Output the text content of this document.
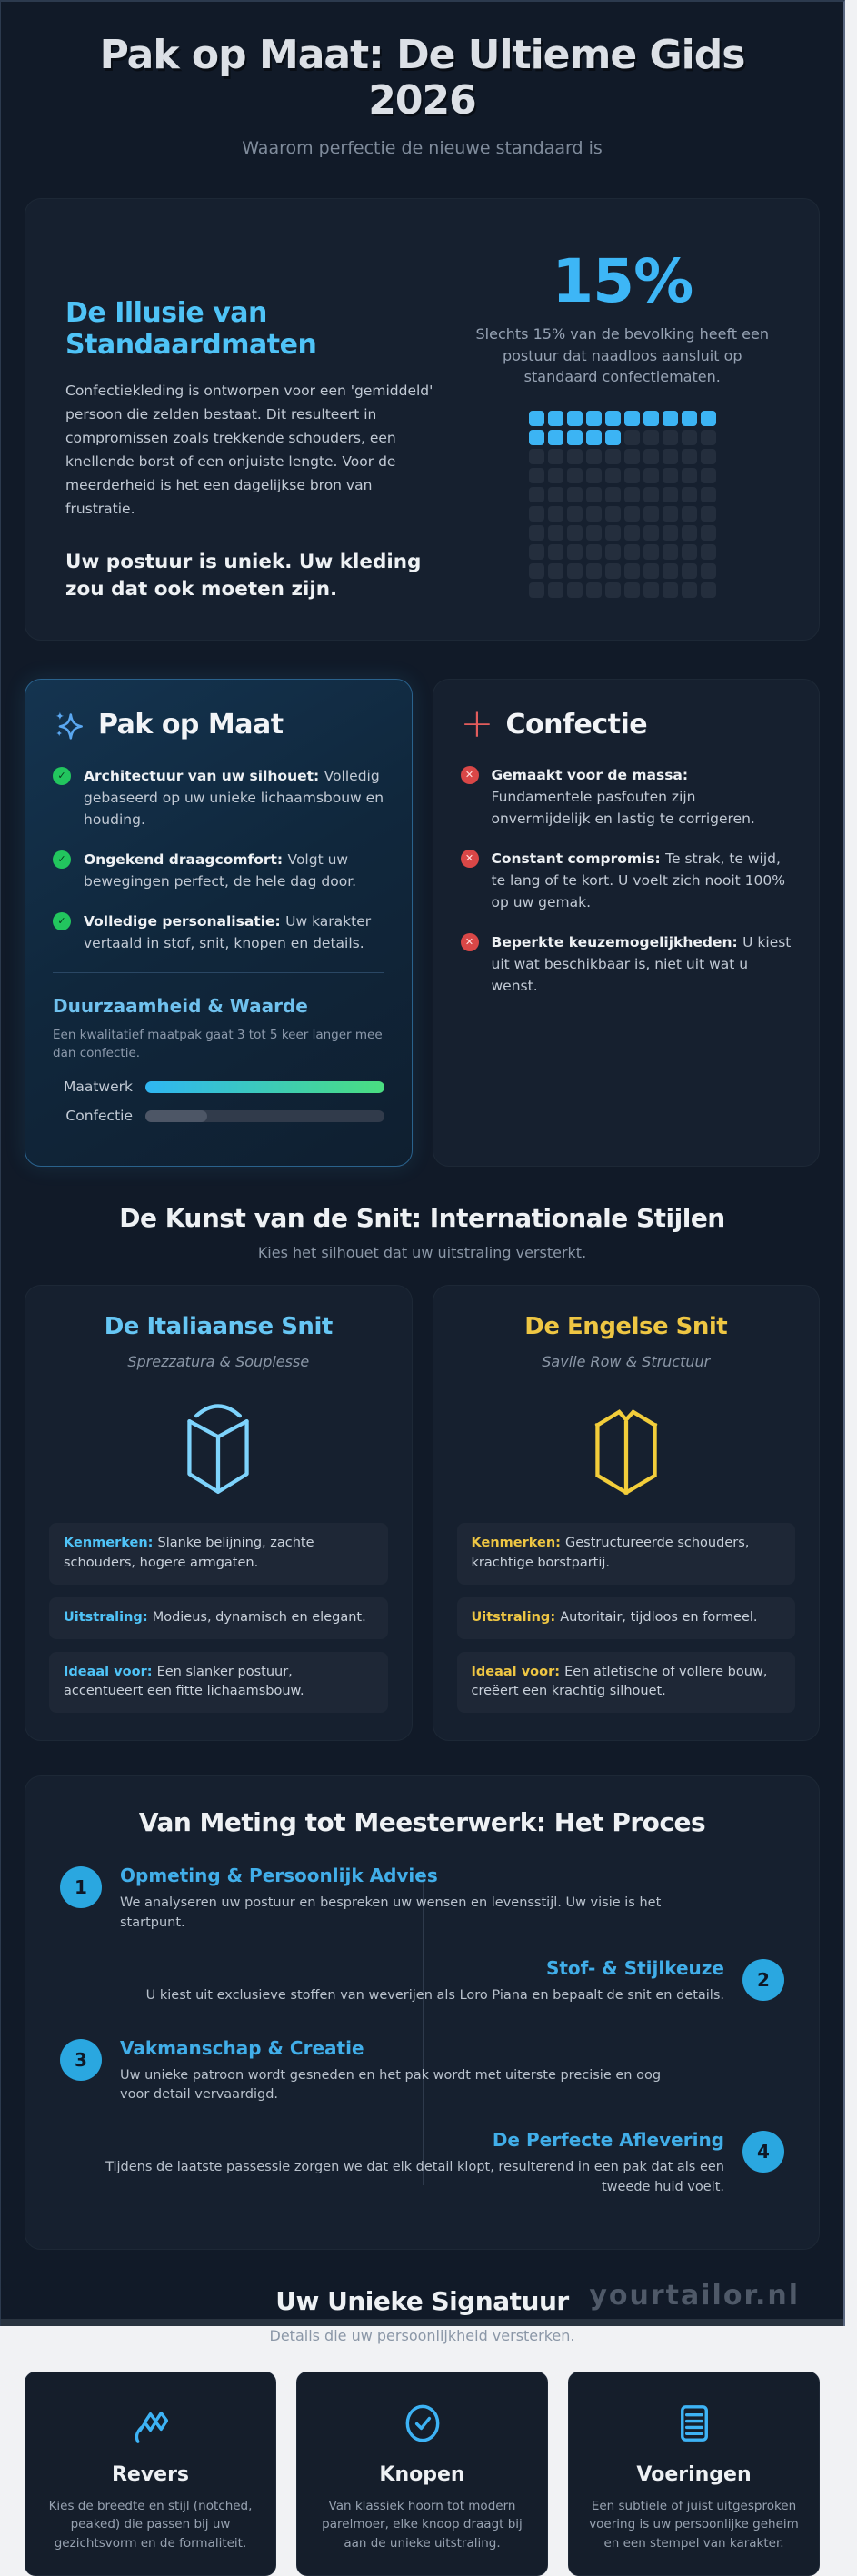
Pak op Maat: De Ultieme Gids 2026

Waarom perfectie de nieuwe standaard is

De Illusie van Standaardmaten

Confectiekleding is ontworpen voor een 'gemiddeld' persoon die zelden bestaat. Dit resulteert in compromissen zoals trekkende schouders, een knellende borst of een onjuiste lengte. Voor de meerderheid is het een dagelijkse bron van frustratie.

Uw postuur is uniek. Uw kleding zou dat ook moeten zijn.

15%

Slechts 15% van de bevolking heeft een postuur dat naadloos aansluit op standaard confectiematen.

Pak op Maat
✓	Architectuur van uw silhouet: Volledig gebaseerd op uw unieke lichaamsbouw en houding.

✓	Ongekend draagcomfort: Volgt uw bewegingen perfect, de hele dag door.

✓	Volledige personalisatie: Uw karakter vertaald in stof, snit, knopen en details.

Duurzaamheid & Waarde

Een kwalitatief maatpak gaat 3 tot 5 keer langer mee dan confectie.

Maatwerk
Confectie
+ Confectie
✕	Gemaakt voor de massa:Fundamentele pasfouten zijn onvermijdelijk en lastig te corrigeren.

✕	Constant compromis: Te strak, te wijd, te lang of te kort. U voelt zich nooit 100% op uw gemak.

✕	Beperkte keuzemogelijkheden: U kiest uit wat beschikbaar is, niet uit wat u wenst.

De Kunst van de Snit: Internationale Stijlen

Kies het silhouet dat uw uitstraling versterkt.

De Italiaanse Snit

Sprezzatura & Souplesse

Kenmerken: Slanke belijning, zachte schouders, hogere armgaten.
Uitstraling: Modieus, dynamisch en elegant.
Ideaal voor: Een slanker postuur, accentueert een fitte lichaamsbouw.
De Engelse Snit

Savile Row & Structuur

Kenmerken: Gestructureerde schouders, krachtige borstpartij.
Uitstraling: Autoritair, tijdloos en formeel.
Ideaal voor: Een atletische of vollere bouw, creëert een krachtig silhouet.
Van Meting tot Meesterwerk: Het Proces
1
Opmeting & Persoonlijk Advies

We analyseren uw postuur en bespreken uw wensen en levensstijl. Uw visie is het startpunt.

2
Stof- & Stijlkeuze

U kiest uit exclusieve stoffen van weverijen als Loro Piana en bepaalt de snit en details.

3
Vakmanschap & Creatie

Uw unieke patroon wordt gesneden en het pak wordt met uiterste precisie en oog voor detail vervaardigd.

4
De Perfecte Aflevering

Tijdens de laatste passessie zorgen we dat elk detail klopt, resulterend in een pak dat als een tweede huid voelt.

Uw Unieke Signatuur

Details die uw persoonlijkheid versterken.

Revers

Kies de breedte en stijl (notched, peaked) die passen bij uw gezichtsvorm en de formaliteit.

Knopen

Van klassiek hoorn tot modern parelmoer, elke knoop draagt bij aan de unieke uitstraling.

Voeringen

Een subtiele of juist uitgesproken voering is uw persoonlijke geheim en een stempel van karakter.

yourtailor.nl
